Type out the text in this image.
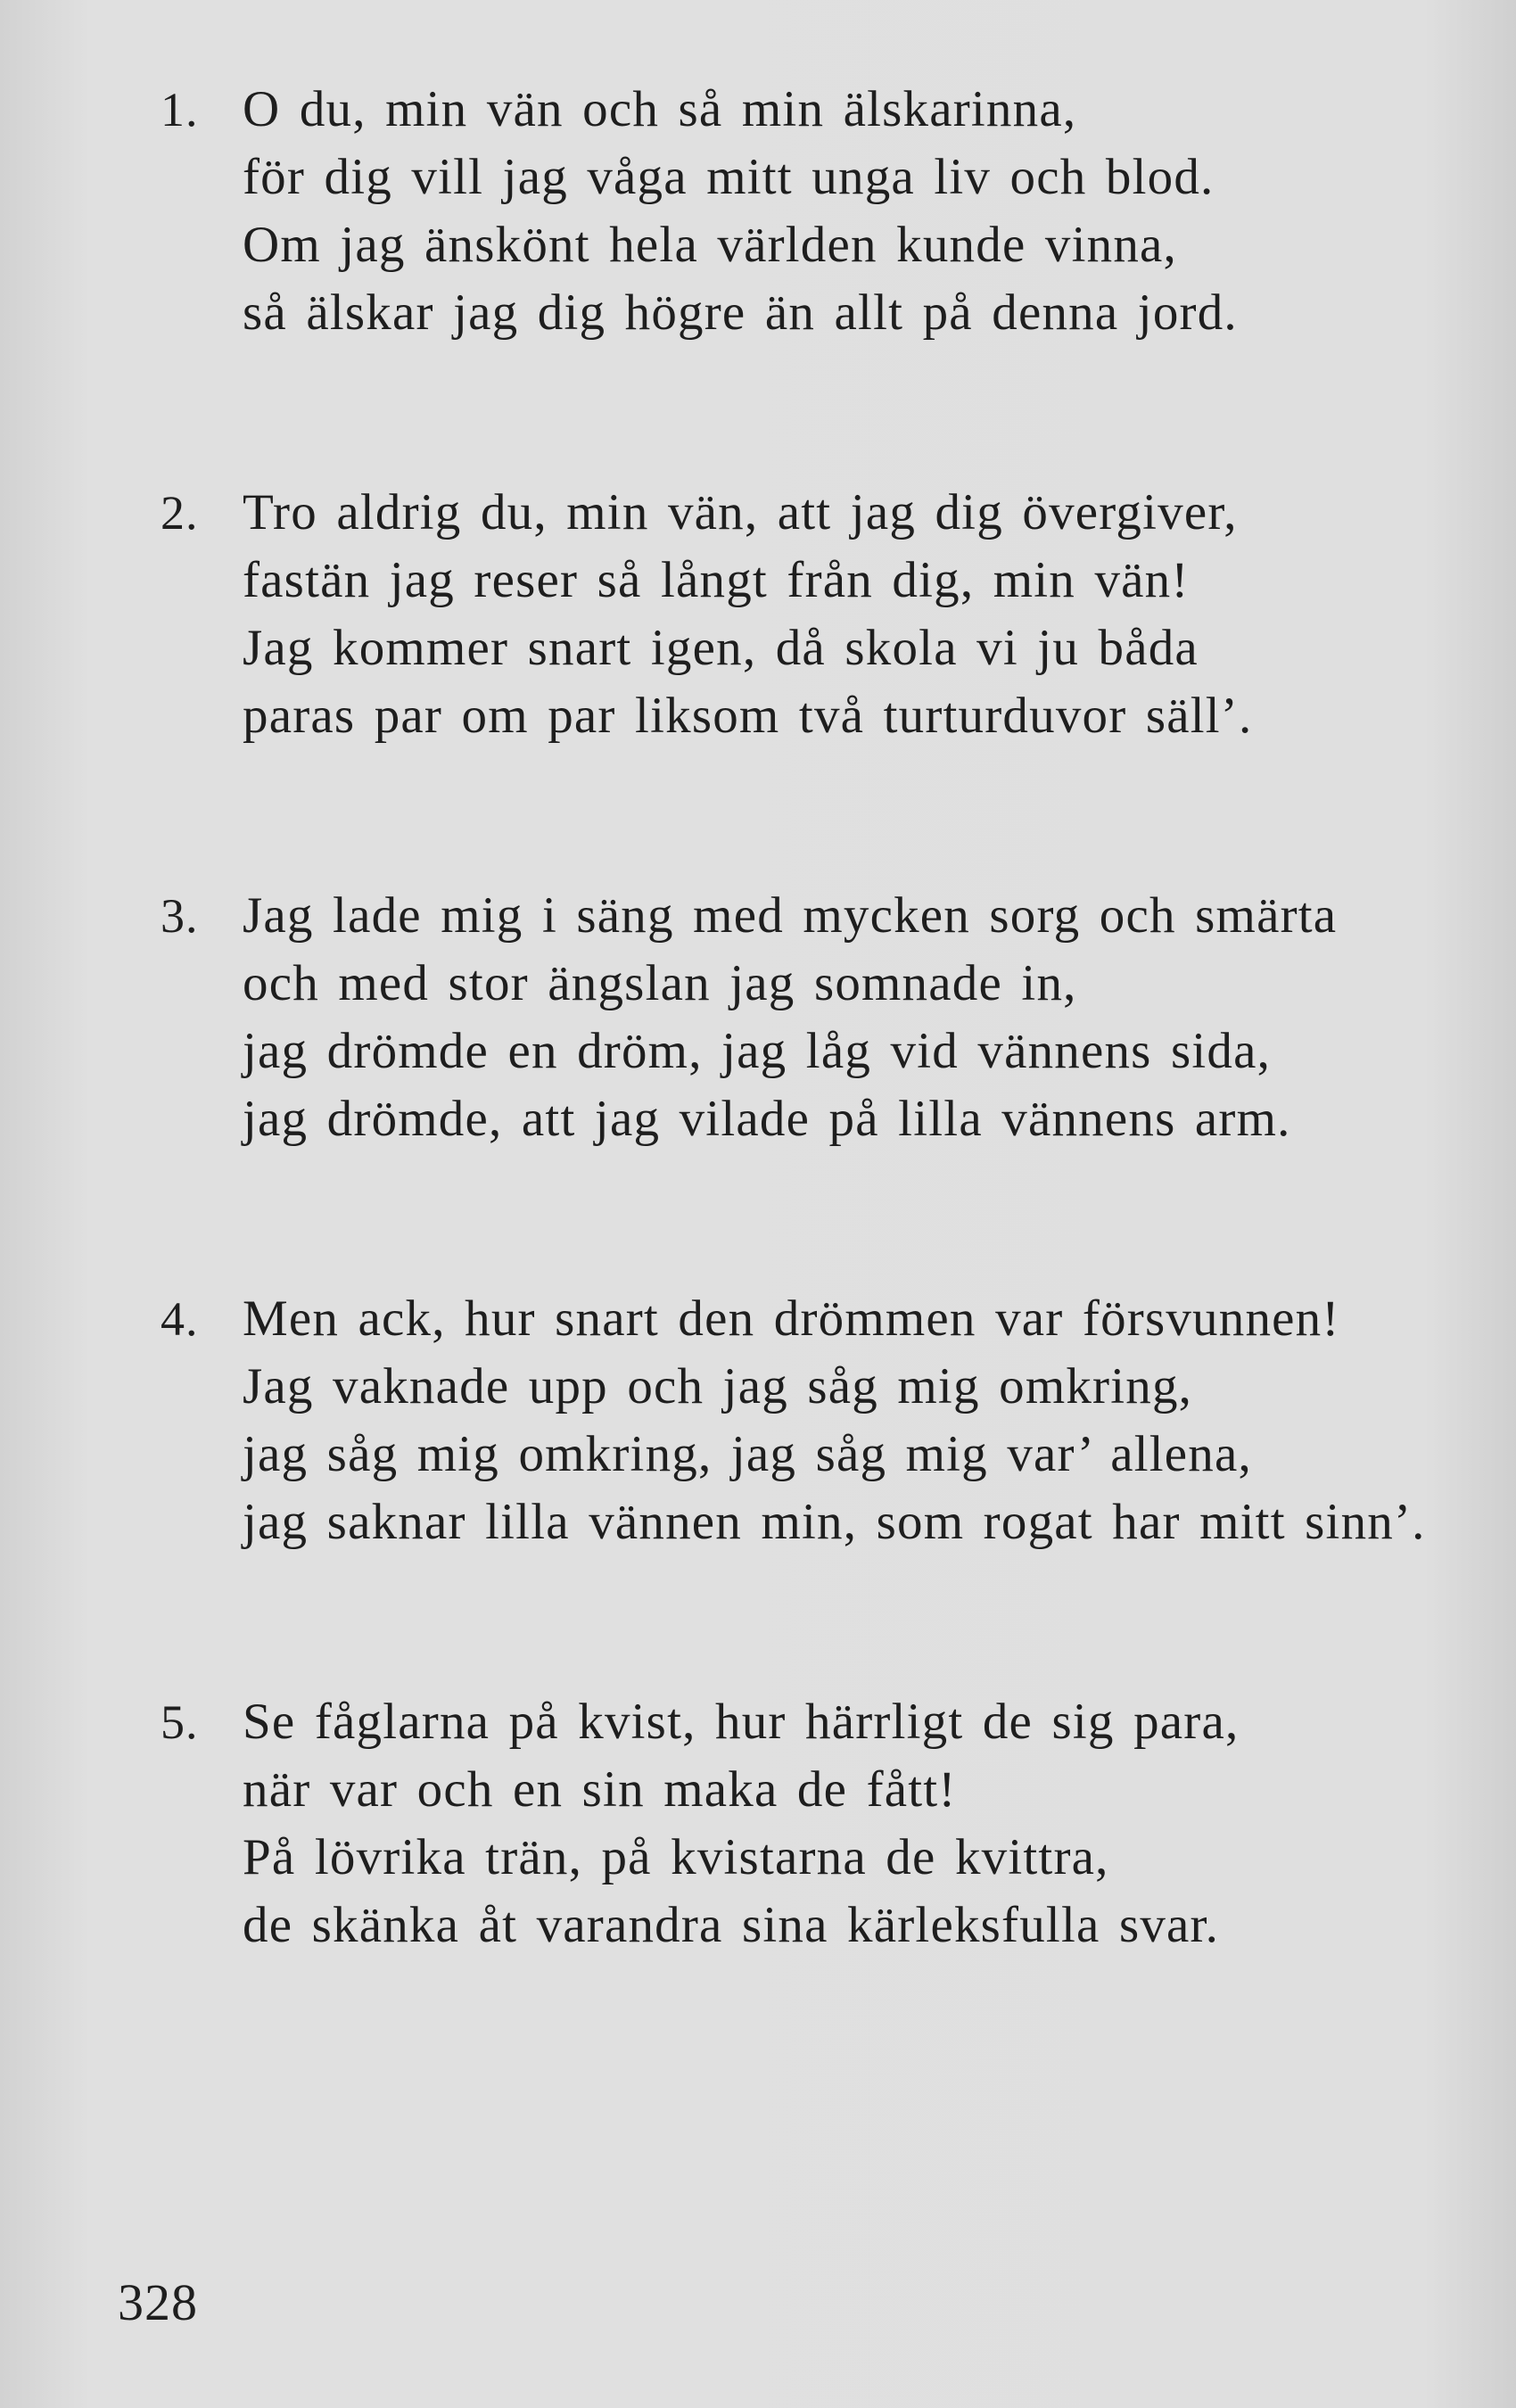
1. O du, min vän och så min älskarinna,
för dig vill jag våga mitt unga liv och blod.
Om jag änskönt hela världen kunde vinna,
så älskar jag dig högre än allt på denna jord.
2. Tro aldrig du, min vän, att jag dig övergiver,
fastän jag reser så långt från dig, min vän!
Jag kommer snart igen, då skola vi ju båda
paras par om par liksom två turturduvor säll’.
3. Jag lade mig i säng med mycken sorg och smärta
och med stor ängslan jag somnade in,
jag drömde en dröm, jag låg vid vännens sida,
jag drömde, att jag vilade på lilla vännens arm.
4. Men ack, hur snart den drömmen var försvunnen!
Jag vaknade upp och jag såg mig omkring,
jag såg mig omkring, jag såg mig var’ allena,
jag saknar lilla vännen min, som rogat har mitt sinn’.
5. Se fåglarna på kvist, hur härrligt de sig para,
när var och en sin maka de fått!
På lövrika trän, på kvistarna de kvittra,
de skänka åt varandra sina kärleksfulla svar.
328
